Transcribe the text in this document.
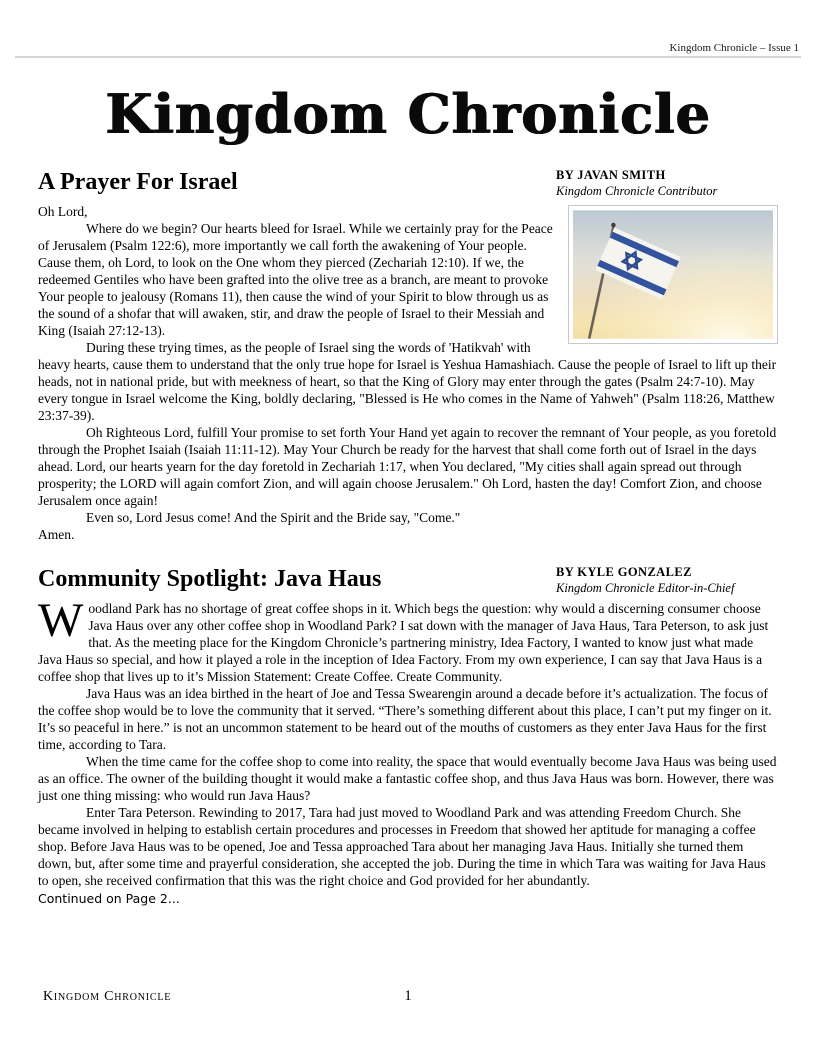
Kingdom Chronicle – Issue 1
Kingdom Chronicle
A Prayer For Israel	BY JAVAN SMITH
Kingdom Chronicle Contributor

Oh Lord,

Where do we begin? Our hearts bleed for Israel. While we certainly pray for the Peace of Jerusalem (Psalm 122:6), more importantly we call forth the awakening of Your people. Cause them, oh Lord, to look on the One whom they pierced (Zechariah 12:10). If we, the redeemed Gentiles who have been grafted into the olive tree as a branch, are meant to provoke Your people to jealousy (Romans 11), then cause the wind of your Spirit to blow through us as the sound of a shofar that will awaken, stir, and draw the people of Israel to their Messiah and King (Isaiah 27:12-13).

During these trying times, as the people of Israel sing the words of 'Hatikvah' with heavy hearts, cause them to understand that the only true hope for Israel is Yeshua Hamashiach. Cause the people of Israel to lift up their heads, not in national pride, but with meekness of heart, so that the King of Glory may enter through the gates (Psalm 24:7-10). May every tongue in Israel welcome the King, boldly declaring, "Blessed is He who comes in the Name of Yahweh" (Psalm 118:26, Matthew 23:37-39).

Oh Righteous Lord, fulfill Your promise to set forth Your Hand yet again to recover the remnant of Your people, as you foretold through the Prophet Isaiah (Isaiah 11:11-12). May Your Church be ready for the harvest that shall come forth out of Israel in the days ahead. Lord, our hearts yearn for the day foretold in Zechariah 1:17, when You declared, "My cities shall again spread out through prosperity; the LORD will again comfort Zion, and will again choose Jerusalem." Oh Lord, hasten the day! Comfort Zion, and choose Jerusalem once again!

Even so, Lord Jesus come! And the Spirit and the Bride say, "Come."

Amen.

Community Spotlight: Java Haus	BY KYLE GONZALEZ
Kingdom Chronicle Editor-in-Chief

Woodland Park has no shortage of great coffee shops in it. Which begs the question: why would a discerning consumer choose Java Haus over any other coffee shop in Woodland Park? I sat down with the manager of Java Haus, Tara Peterson, to ask just that. As the meeting place for the Kingdom Chronicle’s partnering ministry, Idea Factory, I wanted to know just what made Java Haus so special, and how it played a role in the inception of Idea Factory. From my own experience, I can say that Java Haus is a coffee shop that lives up to it’s Mission Statement: Create Coffee. Create Community.

Java Haus was an idea birthed in the heart of Joe and Tessa Swearengin around a decade before it’s actualization. The focus of the coffee shop would be to love the community that it served. “There’s something different about this place, I can’t put my finger on it. It’s so peaceful in here.” is not an uncommon statement to be heard out of the mouths of customers as they enter Java Haus for the first time, according to Tara.

When the time came for the coffee shop to come into reality, the space that would eventually become Java Haus was being used as an office. The owner of the building thought it would make a fantastic coffee shop, and thus Java Haus was born. However, there was just one thing missing: who would run Java Haus?

Enter Tara Peterson. Rewinding to 2017, Tara had just moved to Woodland Park and was attending Freedom Church. She became involved in helping to establish certain procedures and processes in Freedom that showed her aptitude for managing a coffee shop. Before Java Haus was to be opened, Joe and Tessa approached Tara about her managing Java Haus. Initially she turned them down, but, after some time and prayerful consideration, she accepted the job. During the time in which Tara was waiting for Java Haus to open, she received confirmation that this was the right choice and God provided for her abundantly.

Continued on Page 2...

Kingdom Chronicle	1
